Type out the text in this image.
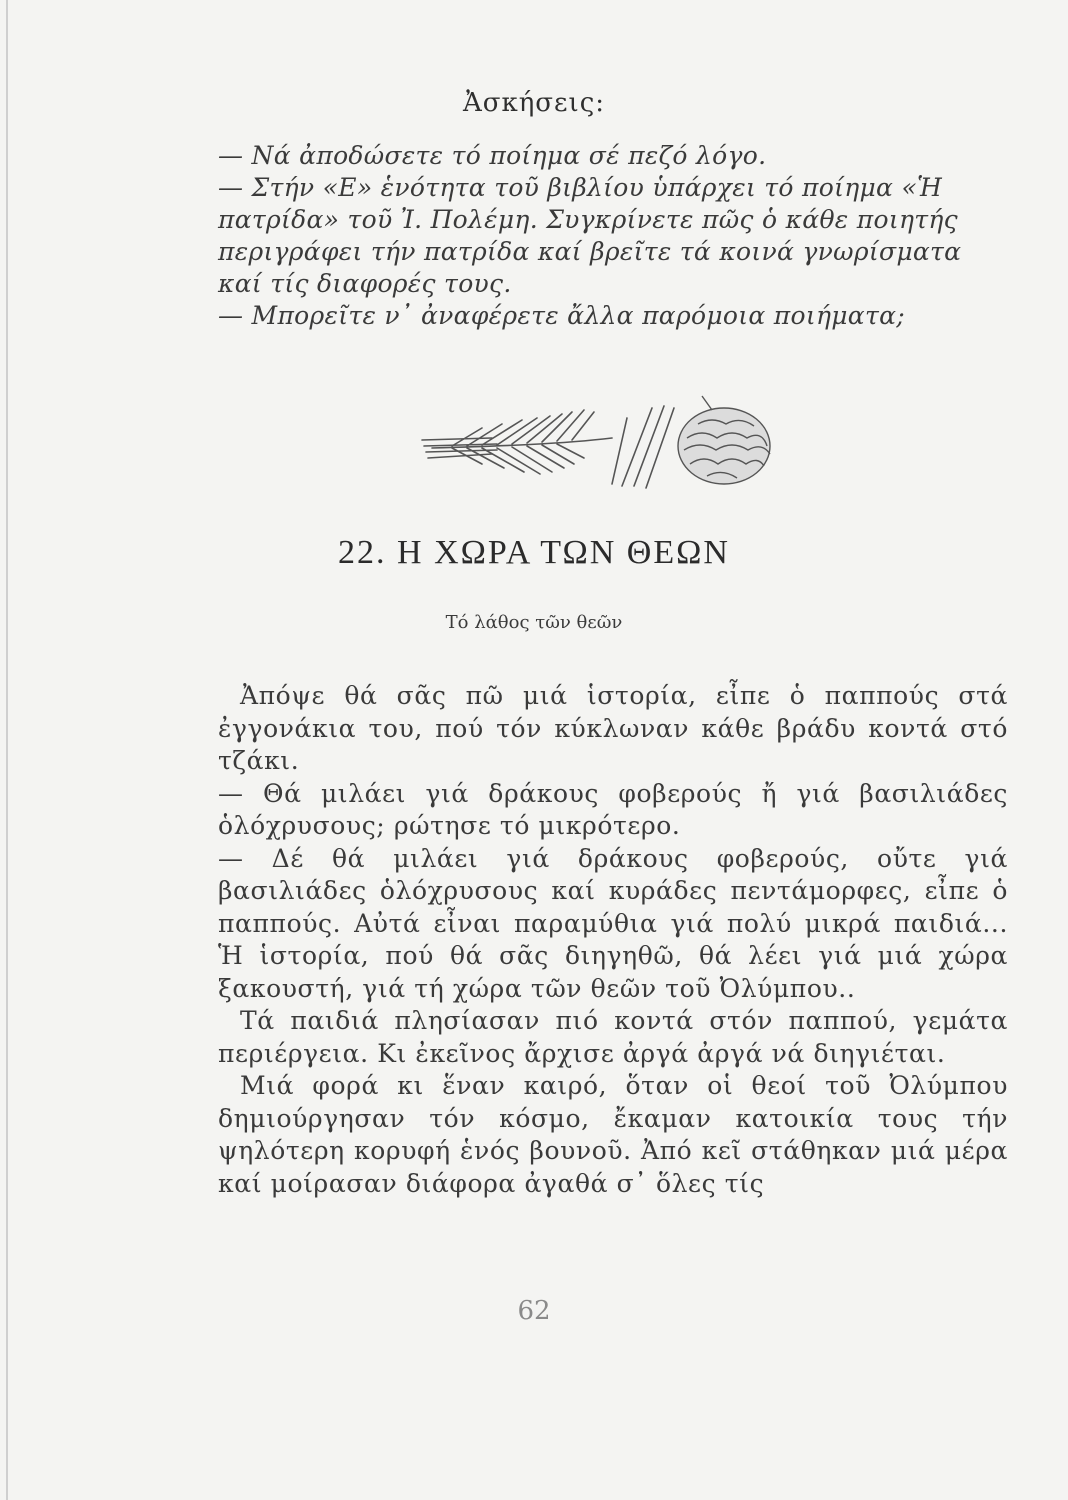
Ἀσκήσεις:

— Νά ἀποδώσετε τό ποίημα σέ πεζό λόγο.

— Στήν «Ε» ἑνότητα τοῦ βιβλίου ὑπάρχει τό ποίημα «Ἡ πατρίδα» τοῦ Ἰ. Πολέμη. Συγκρίνετε πῶς ὁ κάθε ποιητής περιγράφει τήν πατρίδα καί βρεῖτε τά κοινά γνωρίσματα καί τίς διαφορές τους.

— Μπορεῖτε ν᾿ ἀναφέρετε ἄλλα παρόμοια ποιήματα;

22. Η ΧΩΡΑ ΤΩΝ ΘΕΩΝ
Τό λάθος τῶν θεῶν

Ἀπόψε θά σᾶς πῶ μιά ἱστορία, εἶπε ὁ παππούς στά ἐγγονάκια του, πού τόν κύκλωναν κάθε βράδυ κοντά στό τζάκι.

— Θά μιλάει γιά δράκους φοβερούς ἤ γιά βασιλιάδες ὁλόχρυσους; ρώτησε τό μικρότερο.

— Δέ θά μιλάει γιά δράκους φοβερούς, οὔτε γιά βασιλιάδες ὁλόχρυσους καί κυράδες πεντάμορφες, εἶπε ὁ παππούς. Αὐτά εἶναι παραμύθια γιά πολύ μικρά παιδιά... Ἡ ἱστορία, πού θά σᾶς διηγηθῶ, θά λέει γιά μιά χώρα ξακουστή, γιά τή χώρα τῶν θεῶν τοῦ Ὀλύμπου..

Τά παιδιά πλησίασαν πιό κοντά στόν παππού, γεμάτα περιέργεια. Κι ἐκεῖνος ἄρχισε ἀργά ἀργά νά διηγιέται.

Μιά φορά κι ἕναν καιρό, ὅταν οἱ θεοί τοῦ Ὀλύμπου δημιούργησαν τόν κόσμο, ἔκαμαν κατοικία τους τήν ψηλότερη κορυφή ἑνός βουνοῦ. Ἀπό κεῖ στάθηκαν μιά μέρα καί μοίρασαν διάφορα ἀγαθά σ᾿ ὅλες τίς

62
